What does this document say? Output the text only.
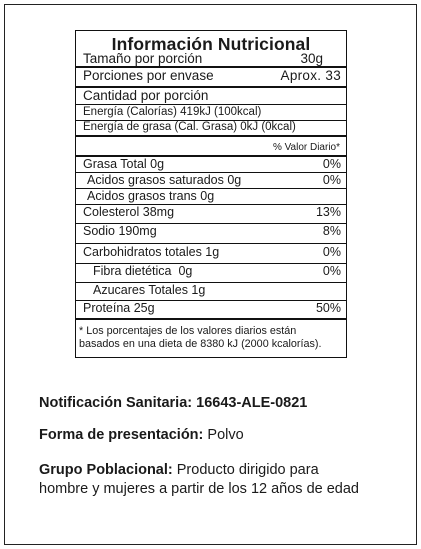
Información Nutricional
Tamaño por porción	30g
Porciones por envase	Aprox. 33
Cantidad por porción
Energía (Calorías) 419kJ (100kcal)
Energía de grasa (Cal. Grasa) 0kJ (0kcal)
% Valor Diario*
Grasa Total 0g	0%
Acidos grasos saturados 0g	0%
Acidos grasos trans 0g
Colesterol 38mg	13%
Sodio 190mg	8%
Carbohidratos totales 1g	0%
Fibra dietética  0g	0%
Azucares Totales 1g
Proteína 25g	50%
* Los porcentajes de los valores diarios están
basados en una dieta de 8380 kJ (2000 kcalorías).
Notificación Sanitaria: 16643-ALE-0821
Forma de presentación: Polvo
Grupo Poblacional: Producto dirigido para
hombre y mujeres a partir de los 12 años de edad
